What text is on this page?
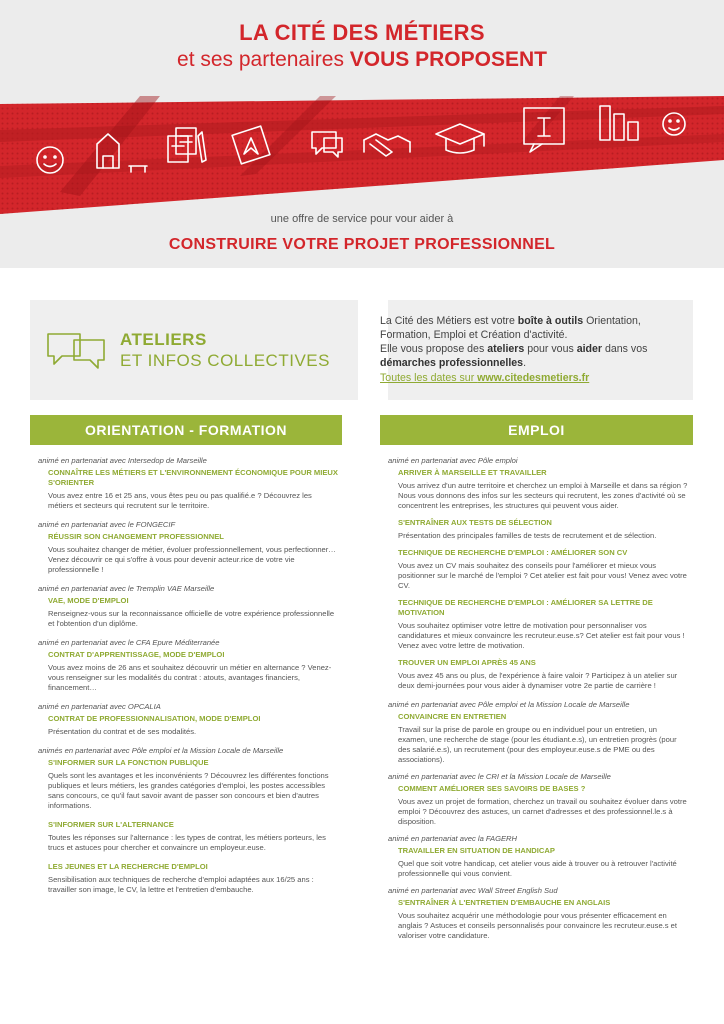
LA CITÉ DES MÉTIERS
et ses partenaires VOUS PROPOSENT
une offre de service pour vour aider à
CONSTRUIRE VOTRE PROJET PROFESSIONNEL
ATELIERS
ET INFOS COLLECTIVES
La Cité des Métiers est votre boîte à outils Orientation, Formation, Emploi et Création d'activité.
Elle vous propose des ateliers pour vous aider dans vos démarches professionnelles.
Toutes les dates sur www.citedesmetiers.fr
ORIENTATION - FORMATION	EMPLOI
animé en partenariat avec Intersedop de Marseille
CONNAÎTRE LES MÉTIERS ET L'ENVIRONNEMENT ÉCONOMIQUE POUR MIEUX S'ORIENTER
Vous avez entre 16 et 25 ans, vous êtes peu ou pas qualifié.e ? Découvrez les métiers et secteurs qui recrutent sur le territoire.
animé en partenariat avec le FONGECIF
RÉUSSIR SON CHANGEMENT PROFESSIONNEL
Vous souhaitez changer de métier, évoluer professionnellement, vous perfectionner… Venez découvrir ce qui s'offre à vous pour devenir acteur.rice de votre vie professionnelle !
animé en partenariat avec le Tremplin VAE Marseille
VAE, MODE D'EMPLOI
Renseignez-vous sur la reconnaissance officielle de votre expérience professionnelle et l'obtention d'un diplôme.
animé en partenariat avec le CFA Epure Méditerranée
CONTRAT D'APPRENTISSAGE, MODE D'EMPLOI
Vous avez moins de 26 ans et souhaitez découvrir un métier en alternance ? Venez-vous renseigner sur les modalités du contrat : atouts, avantages financiers, financement…
animé en partenariat avec OPCALIA
CONTRAT DE PROFESSIONNALISATION, MODE D'EMPLOI
Présentation du contrat et de ses modalités.
animés en partenariat avec Pôle emploi et la Mission Locale de Marseille
S'INFORMER SUR LA FONCTION PUBLIQUE
Quels sont les avantages et les inconvénients ? Découvrez les différentes fonctions publiques et leurs métiers, les grandes catégories d'emploi, les postes accessibles sans concours, ce qu'il faut savoir avant de passer son concours et bien d'autres informations.
S'INFORMER SUR L'ALTERNANCE
Toutes les réponses sur l'alternance : les types de contrat, les métiers porteurs, les trucs et astuces pour chercher et convaincre un employeur.euse.
LES JEUNES ET LA RECHERCHE D'EMPLOI
Sensibilisation aux techniques de recherche d'emploi adaptées aux 16/25 ans : travailler son image, le CV, la lettre et l'entretien d'embauche.
animé en partenariat avec Pôle emploi
ARRIVER À MARSEILLE ET TRAVAILLER
Vous arrivez d'un autre territoire et cherchez un emploi à Marseille et dans sa région ? Nous vous donnons des infos sur les secteurs qui recrutent, les zones d'activité où se concentrent les entreprises, les structures qui peuvent vous aider.
S'ENTRAÎNER AUX TESTS DE SÉLECTION
Présentation des principales familles de tests de recrutement et de sélection.
TECHNIQUE DE RECHERCHE D'EMPLOI : AMÉLIORER SON CV
Vous avez un CV mais souhaitez des conseils pour l'améliorer et mieux vous positionner sur le marché de l'emploi ? Cet atelier est fait pour vous! Venez avec votre CV.
TECHNIQUE DE RECHERCHE D'EMPLOI : AMÉLIORER SA LETTRE DE MOTIVATION
Vous souhaitez optimiser votre lettre de motivation pour personnaliser vos candidatures et mieux convaincre les recruteur.euse.s? Cet atelier est fait pour vous ! Venez avec votre lettre de motivation.
TROUVER UN EMPLOI APRÈS 45 ANS
Vous avez 45 ans ou plus, de l'expérience à faire valoir ? Participez à un atelier sur deux demi-journées pour vous aider à dynamiser votre 2e partie de carrière !
animé en partenariat avec Pôle emploi et la Mission Locale de Marseille
CONVAINCRE EN ENTRETIEN
Travail sur la prise de parole en groupe ou en individuel pour un entretien, un examen, une recherche de stage (pour les étudiant.e.s), un entretien progrès (pour des salarié.e.s), un recrutement (pour des employeur.euse.s de PME ou des associations).
animé en partenariat avec le CRI et la Mission Locale de Marseille
COMMENT AMÉLIORER SES SAVOIRS DE BASES ?
Vous avez un projet de formation, cherchez un travail ou souhaitez évoluer dans votre emploi ? Découvrez des astuces, un carnet d'adresses et des professionnel.le.s à disposition.
animé en partenariat avec la FAGERH
TRAVAILLER EN SITUATION DE HANDICAP
Quel que soit votre handicap, cet atelier vous aide à trouver ou à retrouver l'activité professionnelle qui vous convient.
animé en partenariat avec Wall Street English Sud
S'ENTRAÎNER À L'ENTRETIEN D'EMBAUCHE EN ANGLAIS
Vous souhaitez acquérir une méthodologie pour vous présenter efficacement en anglais ? Astuces et conseils personnalisés pour convaincre les recruteur.euse.s et valoriser votre candidature.
